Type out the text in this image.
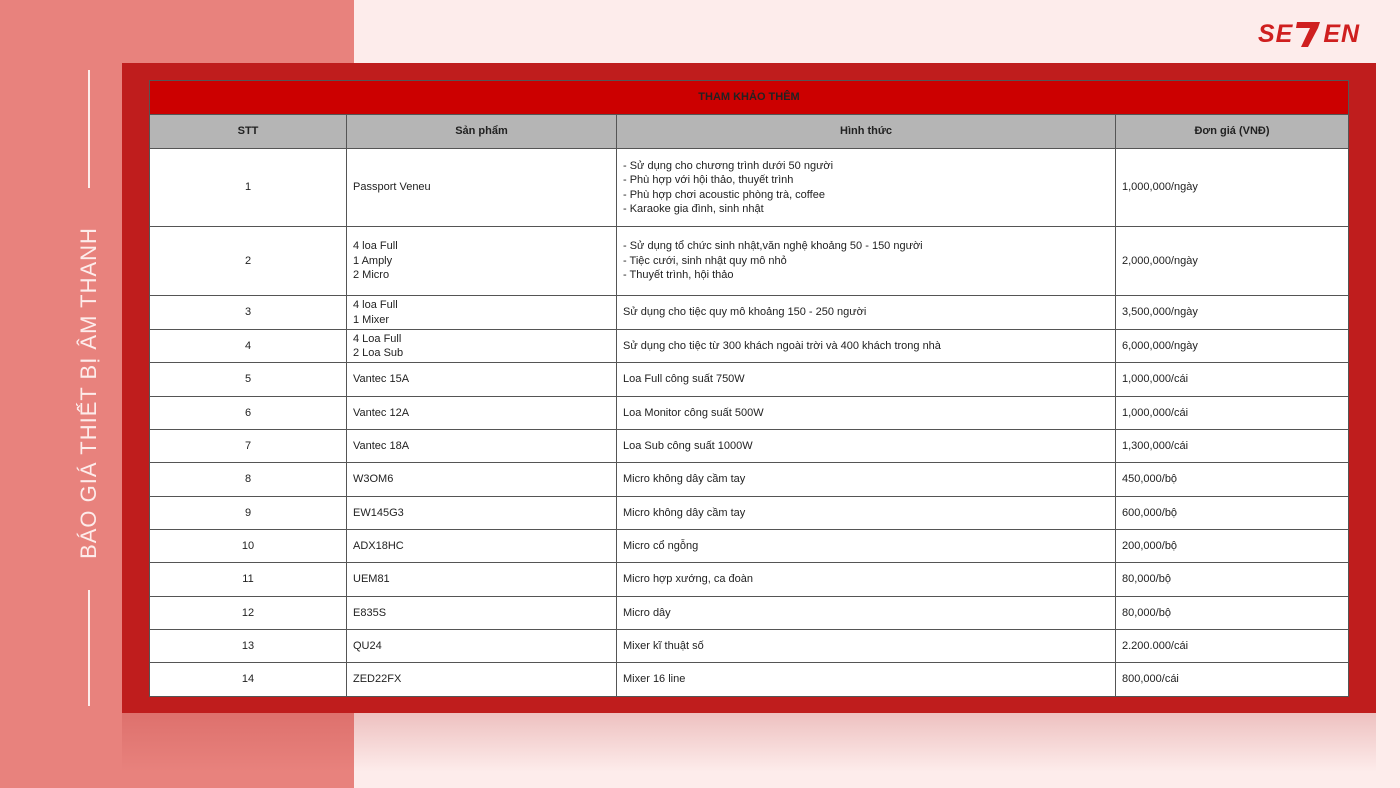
BÁO GIÁ THIẾT BỊ ÂM THANH
SE EN
THAM KHẢO THÊM			
STT	Sản phẩm	Hình thức	Đơn giá (VNĐ)
1	Passport Veneu	- Sử dụng cho chương trình dưới 50 người
- Phù hợp với hội thảo, thuyết trình
- Phù hợp chơi acoustic phòng trà, coffee
- Karaoke gia đình, sinh nhật	1,000,000/ngày
2	4 loa Full
1 Amply
2 Micro	- Sử dụng tổ chức sinh nhật,văn nghệ khoảng 50 - 150 người
- Tiệc cưới, sinh nhật quy mô nhỏ
- Thuyết trình, hội thảo	2,000,000/ngày
3	4 loa Full
1 Mixer	Sử dụng cho tiệc quy mô khoảng 150 - 250 người	3,500,000/ngày
4	4 Loa Full
2 Loa Sub	Sử dụng cho tiệc từ 300 khách ngoài trời và 400 khách trong nhà	6,000,000/ngày
5	Vantec 15A	Loa Full công suất 750W	1,000,000/cái
6	Vantec 12A	Loa Monitor công suất 500W	1,000,000/cái
7	Vantec 18A	Loa Sub công suất 1000W	1,300,000/cái
8	W3OM6	Micro không dây cầm tay	450,000/bộ
9	EW145G3	Micro không dây cầm tay	600,000/bộ
10	ADX18HC	Micro cổ ngỗng	200,000/bộ
11	UEM81	Micro hợp xướng, ca đoàn	80,000/bộ
12	E835S	Micro dây	80,000/bộ
13	QU24	Mixer kĩ thuật số	2.200.000/cái
14	ZED22FX	Mixer 16 line	800,000/cái
